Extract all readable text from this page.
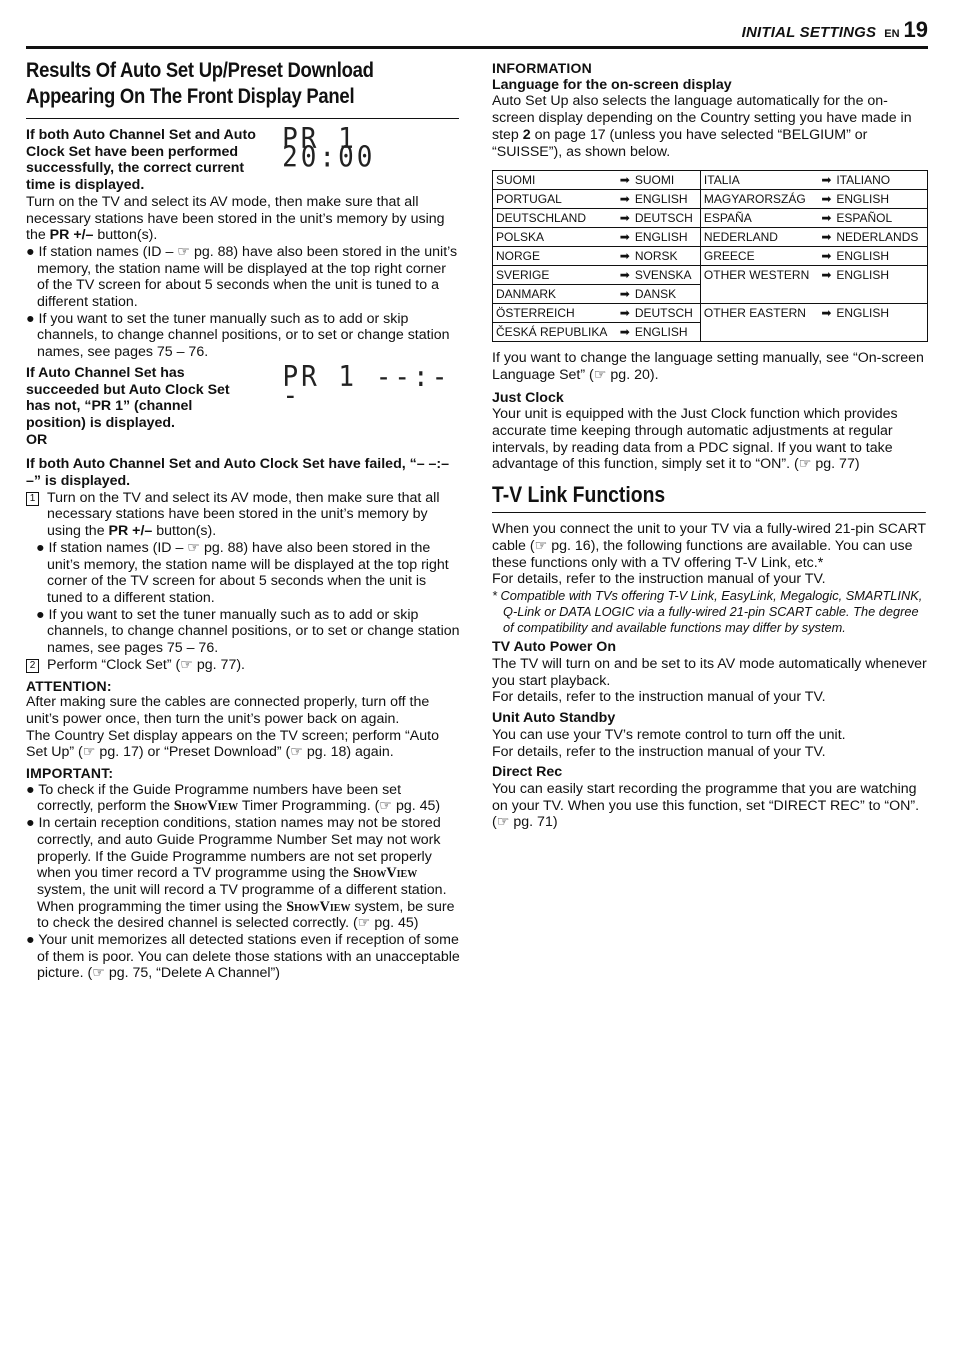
INITIAL SETTINGS EN 19
Results Of Auto Set Up/Preset Download Appearing On The Front Display Panel

If both Auto Channel Set and Auto Clock Set have been performed successfully, the correct current time is displayed.

PR 1 20:00

Turn on the TV and select its AV mode, then make sure that all necessary stations have been stored in the unit’s memory by using the PR +/– button(s).

● If station names (ID – ☞ pg. 88) have also been stored in the unit’s memory, the station name will be displayed at the top right corner of the TV screen for about 5 seconds when the unit is tuned to a different station.

● If you want to set the tuner manually such as to add or skip channels, to change channel positions, or to set or change station names, see pages 75 – 76.

If Auto Channel Set has succeeded but Auto Clock Set has not, “PR 1” (channel position) is displayed.

PR 1 --:--

OR

If both Auto Channel Set and Auto Clock Set have failed, “– –:– –” is displayed.

1 Turn on the TV and select its AV mode, then make sure that all necessary stations have been stored in the unit’s memory by using the PR +/– button(s).

● If station names (ID – ☞ pg. 88) have also been stored in the unit’s memory, the station name will be displayed at the top right corner of the TV screen for about 5 seconds when the unit is tuned to a different station.

● If you want to set the tuner manually such as to add or skip channels, to change channel positions, or to set or change station names, see pages 75 – 76.

2 Perform “Clock Set” (☞ pg. 77).

ATTENTION:

After making sure the cables are connected properly, turn off the unit’s power once, then turn the unit’s power back on again.

The Country Set display appears on the TV screen; perform “Auto Set Up” (☞ pg. 17) or “Preset Download” (☞ pg. 18) again.

IMPORTANT:

● To check if the Guide Programme numbers have been set correctly, perform the ShowView Timer Programming. (☞ pg. 45)

● In certain reception conditions, station names may not be stored correctly, and auto Guide Programme Number Set may not work properly. If the Guide Programme numbers are not set properly when you timer record a TV programme using the ShowView system, the unit will record a TV programme of a different station. When programming the timer using the ShowView system, be sure to check the desired channel is selected correctly. (☞ pg. 45)

● Your unit memorizes all detected stations even if reception of some of them is poor. You can delete those stations with an unacceptable picture. (☞ pg. 75, “Delete A Channel”)

INFORMATION

Language for the on-screen display

Auto Set Up also selects the language automatically for the on-screen display depending on the Country setting you have made in step 2 on page 17 (unless you have selected “BELGIUM” or “SUISSE”), as shown below.

SUOMI	➡	SUOMI	ITALIA	➡	ITALIANO
PORTUGAL	➡	ENGLISH	MAGYARORSZÁG	➡	ENGLISH
DEUTSCHLAND	➡	DEUTSCH	ESPAÑA	➡	ESPAÑOL
POLSKA	➡	ENGLISH	NEDERLAND	➡	NEDERLANDS
NORGE	➡	NORSK	GREECE	➡	ENGLISH
SVERIGE	➡	SVENSKA	OTHER WESTERN	➡	ENGLISH
DANMARK	➡	DANSK			
ÖSTERREICH	➡	DEUTSCH	OTHER EASTERN	➡	ENGLISH
ČESKÁ REPUBLIKA	➡	ENGLISH			

If you want to change the language setting manually, see “On-screen Language Set” (☞ pg. 20).

Just Clock

Your unit is equipped with the Just Clock function which provides accurate time keeping through automatic adjustments at regular intervals, by reading data from a PDC signal. If you want to take advantage of this function, simply set it to “ON”. (☞ pg. 77)

T-V Link Functions

When you connect the unit to your TV via a fully-wired 21-pin SCART cable (☞ pg. 16), the following functions are available. You can use these functions only with a TV offering T-V Link, etc.*

For details, refer to the instruction manual of your TV.

* Compatible with TVs offering T-V Link, EasyLink, Megalogic, SMARTLINK, Q-Link or DATA LOGIC via a fully-wired 21-pin SCART cable. The degree of compatibility and available functions may differ by system.

TV Auto Power On

The TV will turn on and be set to its AV mode automatically whenever you start playback.

For details, refer to the instruction manual of your TV.

Unit Auto Standby

You can use your TV’s remote control to turn off the unit.

For details, refer to the instruction manual of your TV.

Direct Rec

You can easily start recording the programme that you are watching on your TV. When you use this function, set “DIRECT REC” to “ON”. (☞ pg. 71)
